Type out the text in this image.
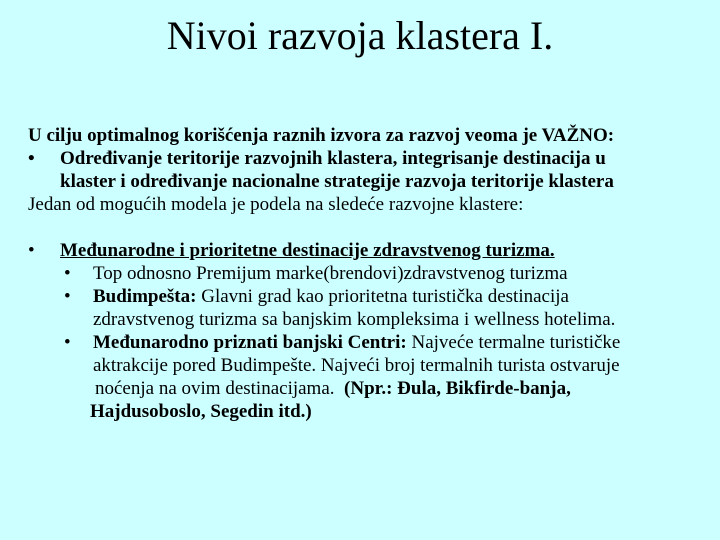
Nivoi razvoja klastera I.
U cilju optimalnog korišćenja raznih izvora za razvoj veoma je VAŽNO:
• Određivanje teritorije razvojnih klastera, integrisanje destinacija u
klaster i određivanje nacionalne strategije razvoja teritorije klastera
Jedan od mogućih modela je podela na sledeće razvojne klastere:
• Međunarodne i prioritetne destinacije zdravstvenog turizma.
• Top odnosno Premijum marke(brendovi)zdravstvenog turizma
• Budimpešta: Glavni grad kao prioritetna turistička destinacija
zdravstvenog turizma sa banjskim kompleksima i wellness hotelima.
• Međunarodno priznati banjski Centri: Najveće termalne turističke
aktrakcije pored Budimpešte. Najveći broj termalnih turista ostvaruje
noćenja na ovim destinacijama. (Npr.: Đula, Bikfirde-banja,
Hajdusoboslo, Segedin itd.)
